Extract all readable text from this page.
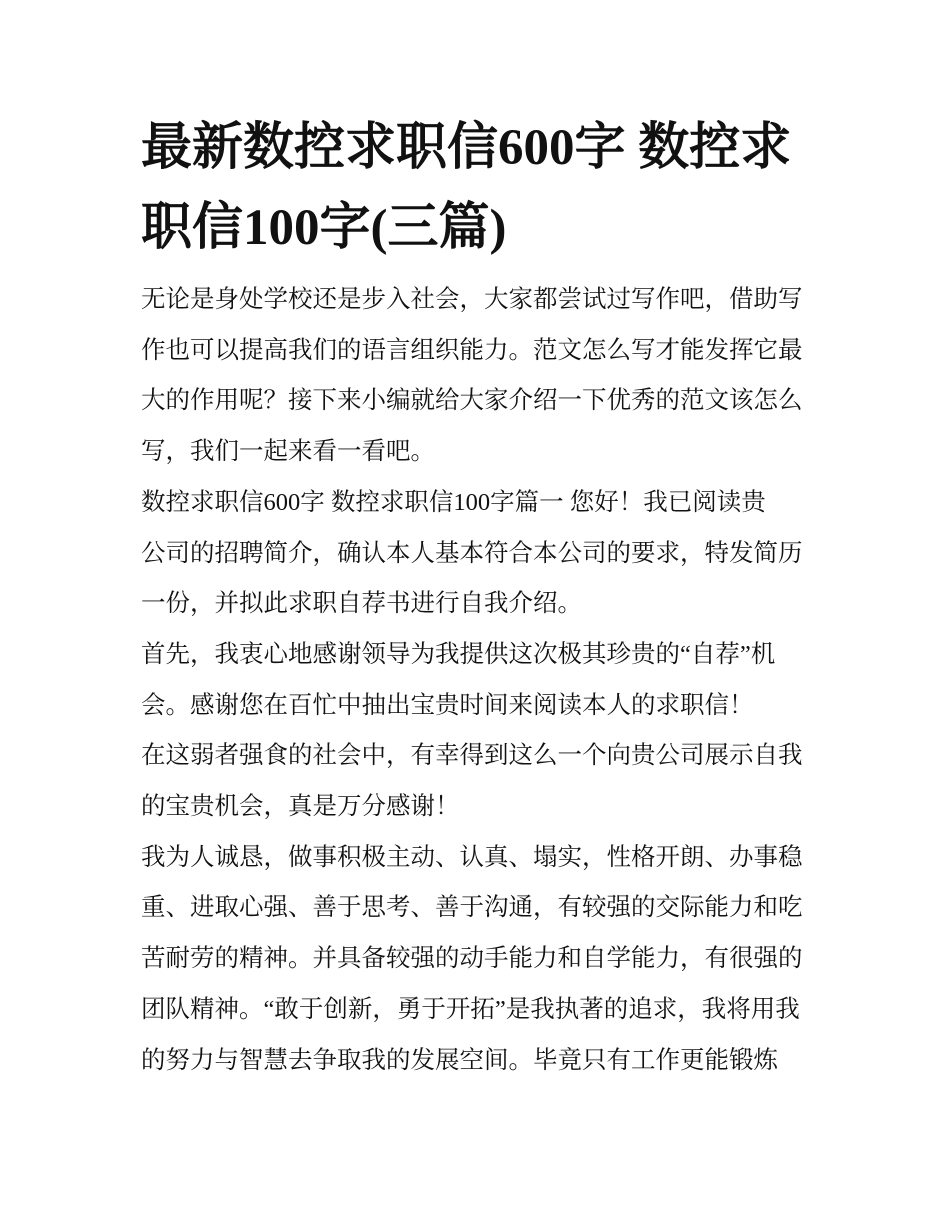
最新数控求职信600字 数控求
职信100字(三篇)
无论是身处学校还是步入社会，大家都尝试过写作吧，借助写
作也可以提高我们的语言组织能力。范文怎么写才能发挥它最
大的作用呢？接下来小编就给大家介绍一下优秀的范文该怎么
写，我们一起来看一看吧。
数控求职信600字 数控求职信100字篇一 您好！我已阅读贵
公司的招聘简介，确认本人基本符合本公司的要求，特发简历
一份，并拟此求职自荐书进行自我介绍。
首先，我衷心地感谢领导为我提供这次极其珍贵的“自荐”机
会。感谢您在百忙中抽出宝贵时间来阅读本人的求职信！
在这弱者强食的社会中，有幸得到这么一个向贵公司展示自我
的宝贵机会，真是万分感谢！
我为人诚恳，做事积极主动、认真、塌实，性格开朗、办事稳
重、进取心强、善于思考、善于沟通，有较强的交际能力和吃
苦耐劳的精神。并具备较强的动手能力和自学能力，有很强的
团队精神。“敢于创新，勇于开拓”是我执著的追求，我将用我
的努力与智慧去争取我的发展空间。毕竟只有工作更能锻炼
